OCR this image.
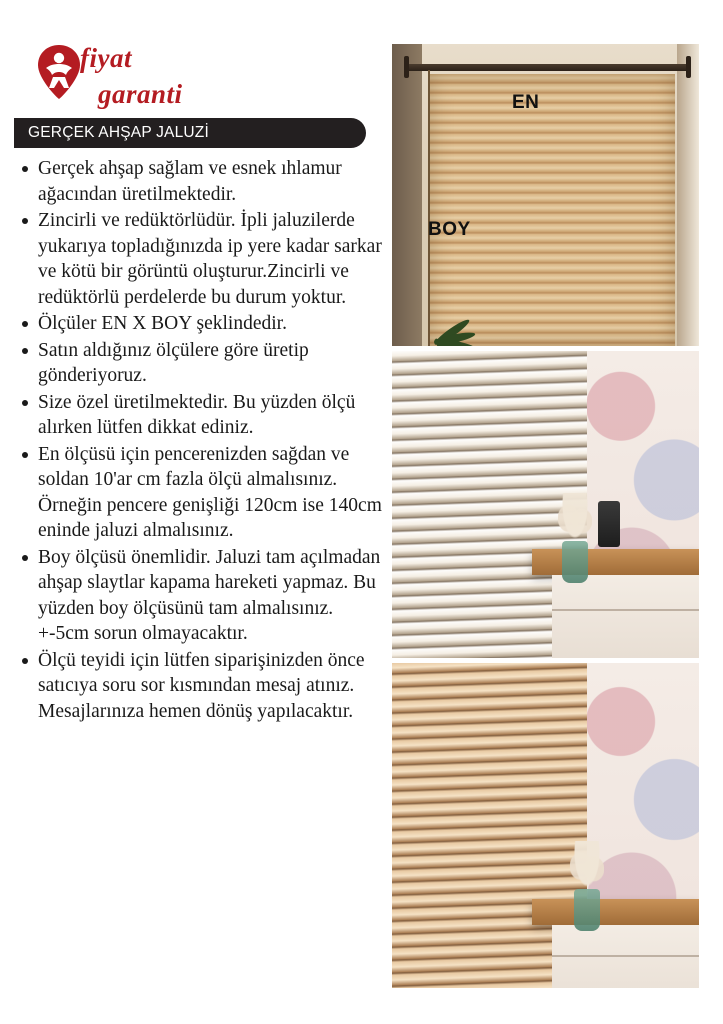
fiyat
garanti
GERÇEK AHŞAP JALUZİ
Gerçek ahşap sağlam ve esnek ıhlamur ağacından üretilmektedir.
Zincirli ve redüktörlüdür. İpli jaluzilerde yukarıya topladığınızda ip yere kadar sarkar ve kötü bir görüntü oluşturur.Zincirli ve redüktörlü perdelerde bu durum yoktur.
Ölçüler EN X BOY şeklindedir.
Satın aldığınız ölçülere göre üretip gönderiyoruz.
Size özel üretilmektedir. Bu yüzden ölçü alırken lütfen dikkat ediniz.
En ölçüsü için pencerenizden sağdan ve soldan 10'ar cm fazla ölçü almalısınız. Örneğin pencere genişliği 120cm ise 140cm eninde jaluzi almalısınız.
Boy ölçüsü önemlidir. Jaluzi tam açılmadan ahşap slaytlar kapama hareketi yapmaz. Bu yüzden boy ölçüsünü tam almalısınız. +-5cm sorun olmayacaktır.
Ölçü teyidi için lütfen siparişinizden önce satıcıya soru sor kısmından mesaj atınız. Mesajlarınıza hemen dönüş yapılacaktır.
EN
BOY
